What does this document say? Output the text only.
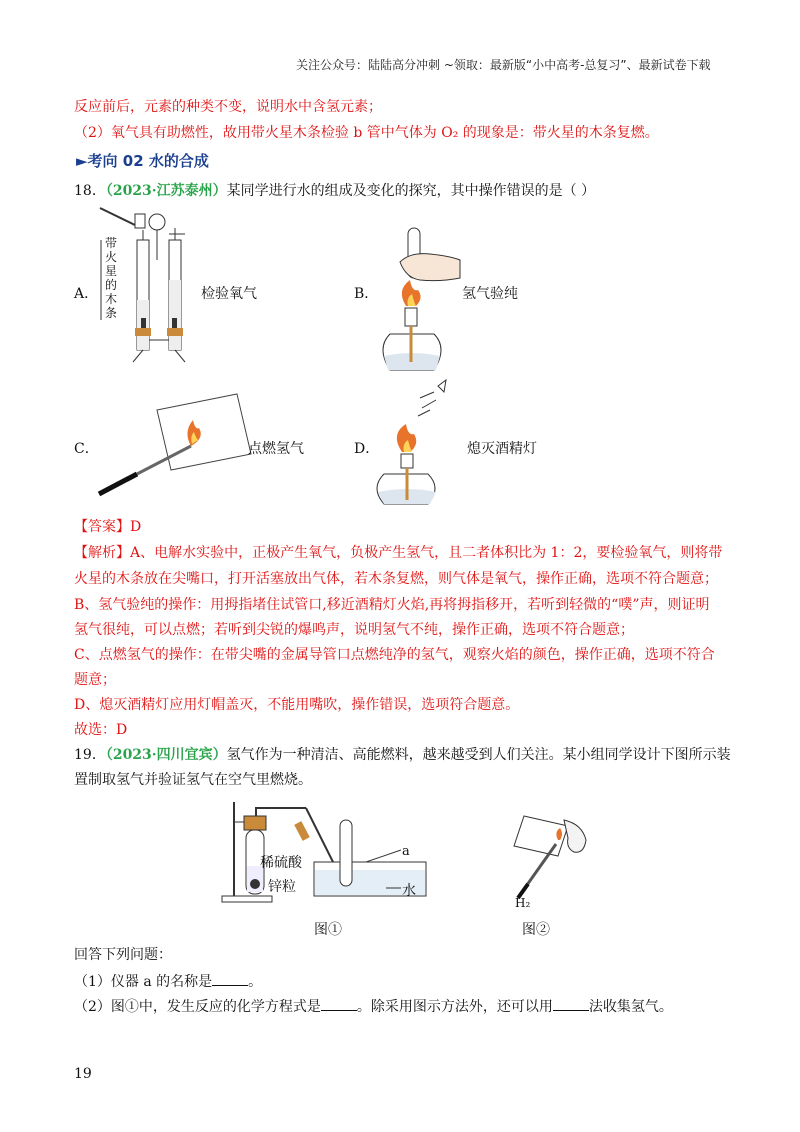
关注公众号：陆陆高分冲刺 ~领取：最新版“小中高考-总复习”、最新试卷下载
反应前后，元素的种类不变，说明水中含氢元素；
（2）氧气具有助燃性，故用带火星木条检验 b 管中气体为 O₂ 的现象是：带火星的木条复燃。
►考向 02 水的合成
18．（2023·江苏泰州）某同学进行水的组成及变化的探究，其中操作错误的是（ ）
A．
带火星的木条
检验氧气	B．	氢气验纯
C．	点燃氢气	D．	熄灭酒精灯
【答案】D
【解析】A、电解水实验中，正极产生氧气，负极产生氢气，且二者体积比为 1：2，要检验氧气，则将带
火星的木条放在尖嘴口，打开活塞放出气体，若木条复燃，则气体是氧气，操作正确，选项不符合题意；
B、氢气验纯的操作：用拇指堵住试管口,移近酒精灯火焰,再将拇指移开，若听到轻微的“噗”声，则证明
氢气很纯，可以点燃；若听到尖锐的爆鸣声，说明氢气不纯，操作正确，选项不符合题意；
C、点燃氢气的操作：在带尖嘴的金属导管口点燃纯净的氢气，观察火焰的颜色，操作正确，选项不符合
题意；
D、熄灭酒精灯应用灯帽盖灭，不能用嘴吹，操作错误，选项符合题意。
故选：D
19．（2023·四川宜宾）氢气作为一种清洁、高能燃料，越来越受到人们关注。某小组同学设计下图所示装
置制取氢气并验证氢气在空气里燃烧。
稀硫酸
锌粒
a
水
图①
H₂
图②
回答下列问题：
（1）仪器 a 的名称是	。
（2）图①中，发生反应的化学方程式是	。除采用图示方法外，还可以用	法收集氢气。
19
